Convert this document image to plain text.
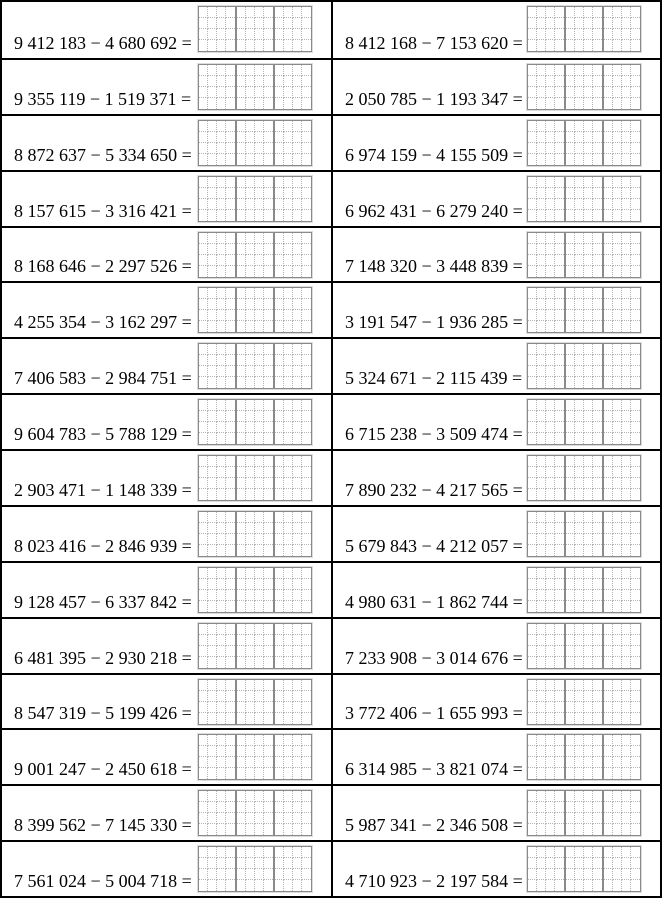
9 412 183 − 4 680 692 =	8 412 168 − 7 153 620 =
9 355 119 − 1 519 371 =	2 050 785 − 1 193 347 =
8 872 637 − 5 334 650 =	6 974 159 − 4 155 509 =
8 157 615 − 3 316 421 =	6 962 431 − 6 279 240 =
8 168 646 − 2 297 526 =	7 148 320 − 3 448 839 =
4 255 354 − 3 162 297 =	3 191 547 − 1 936 285 =
7 406 583 − 2 984 751 =	5 324 671 − 2 115 439 =
9 604 783 − 5 788 129 =	6 715 238 − 3 509 474 =
2 903 471 − 1 148 339 =	7 890 232 − 4 217 565 =
8 023 416 − 2 846 939 =	5 679 843 − 4 212 057 =
9 128 457 − 6 337 842 =	4 980 631 − 1 862 744 =
6 481 395 − 2 930 218 =	7 233 908 − 3 014 676 =
8 547 319 − 5 199 426 =	3 772 406 − 1 655 993 =
9 001 247 − 2 450 618 =	6 314 985 − 3 821 074 =
8 399 562 − 7 145 330 =	5 987 341 − 2 346 508 =
7 561 024 − 5 004 718 =	4 710 923 − 2 197 584 =
